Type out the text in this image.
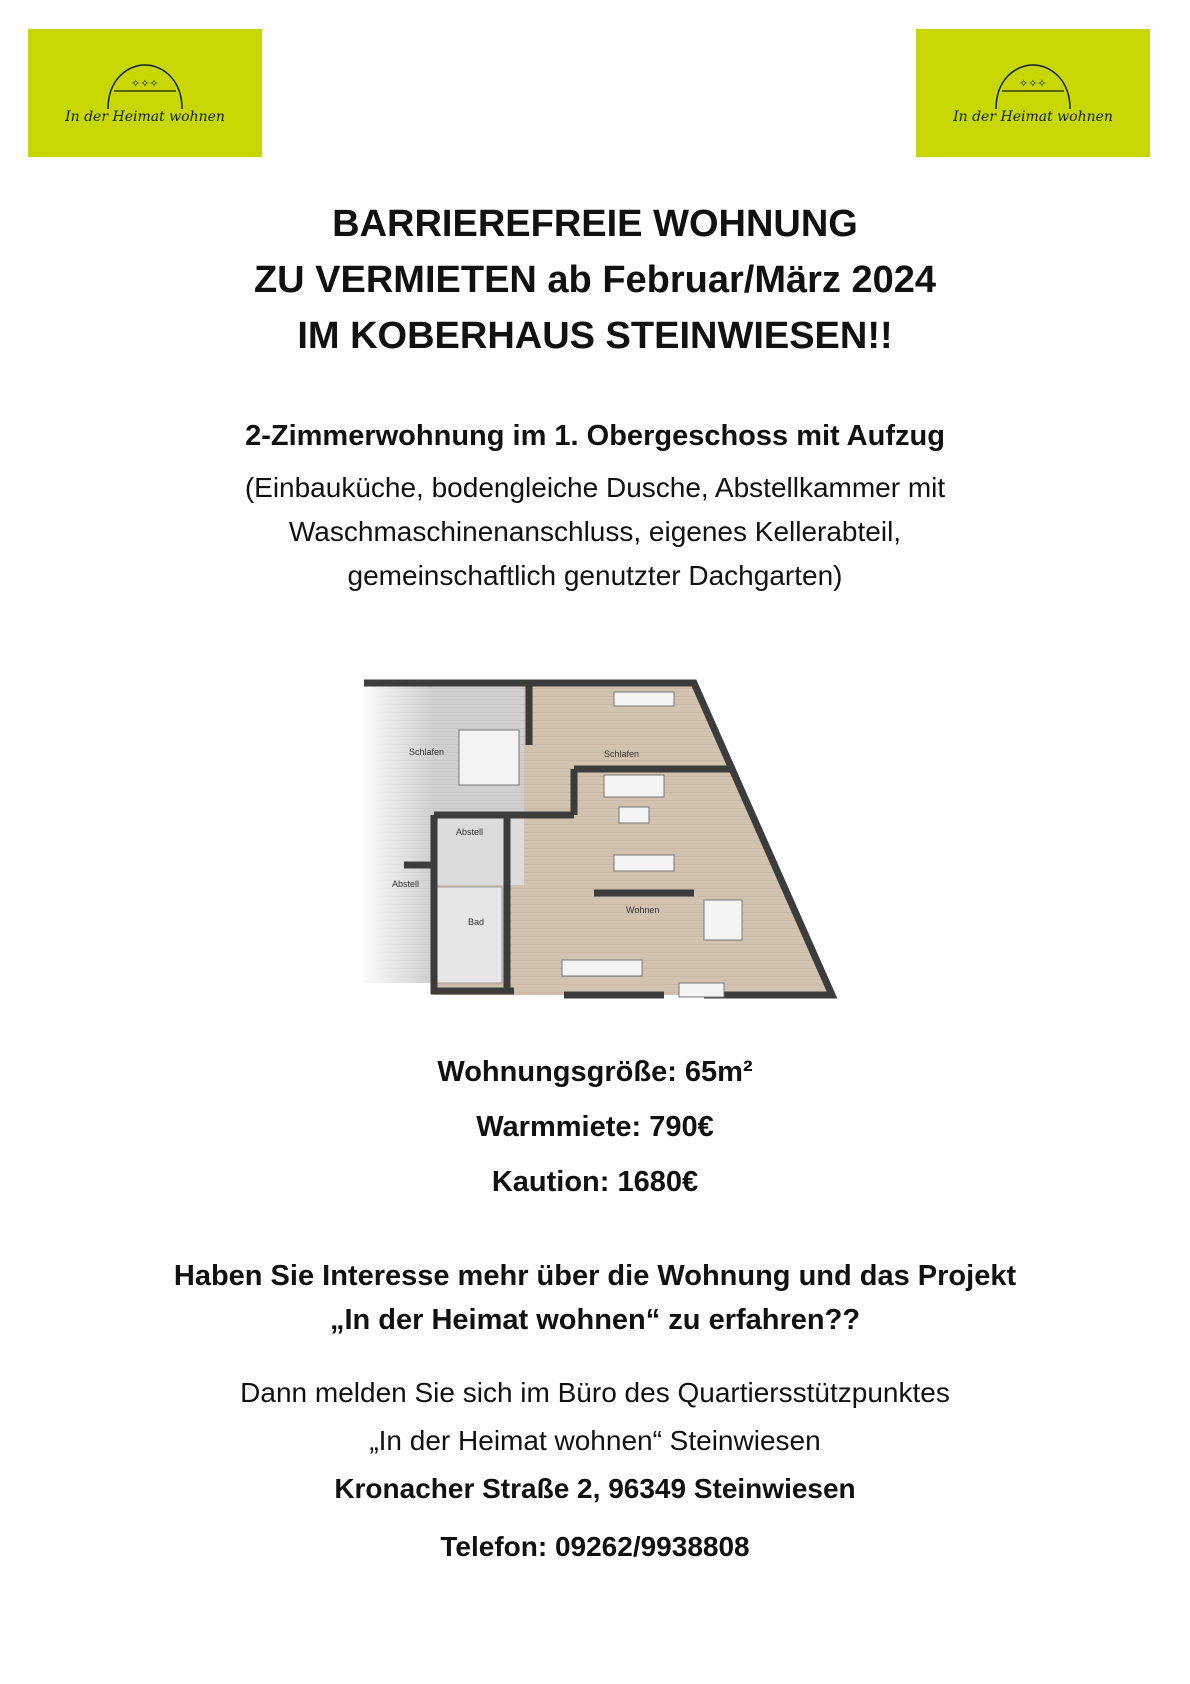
✧✧✧
In der Heimat wohnen
✧✧✧
In der Heimat wohnen
BARRIEREFREIE WOHNUNG
ZU VERMIETEN ab Februar/März 2024
IM KOBERHAUS STEINWIESEN!!
2-Zimmerwohnung im 1. Obergeschoss mit Aufzug
(Einbauküche, bodengleiche Dusche, Abstellkammer mit
Waschmaschinenanschluss, eigenes Kellerabteil,
gemeinschaftlich genutzter Dachgarten)
Schlafen	Schlafen
Abstell
Abstell
Bad
Wohnen
Wohnungsgröße: 65m²
Warmmiete: 790€
Kaution: 1680€
Haben Sie Interesse mehr über die Wohnung und das Projekt
„In der Heimat wohnen“ zu erfahren??
Dann melden Sie sich im Büro des Quartiersstützpunktes
„In der Heimat wohnen“ Steinwiesen
Kronacher Straße 2, 96349 Steinwiesen
Telefon: 09262/9938808
